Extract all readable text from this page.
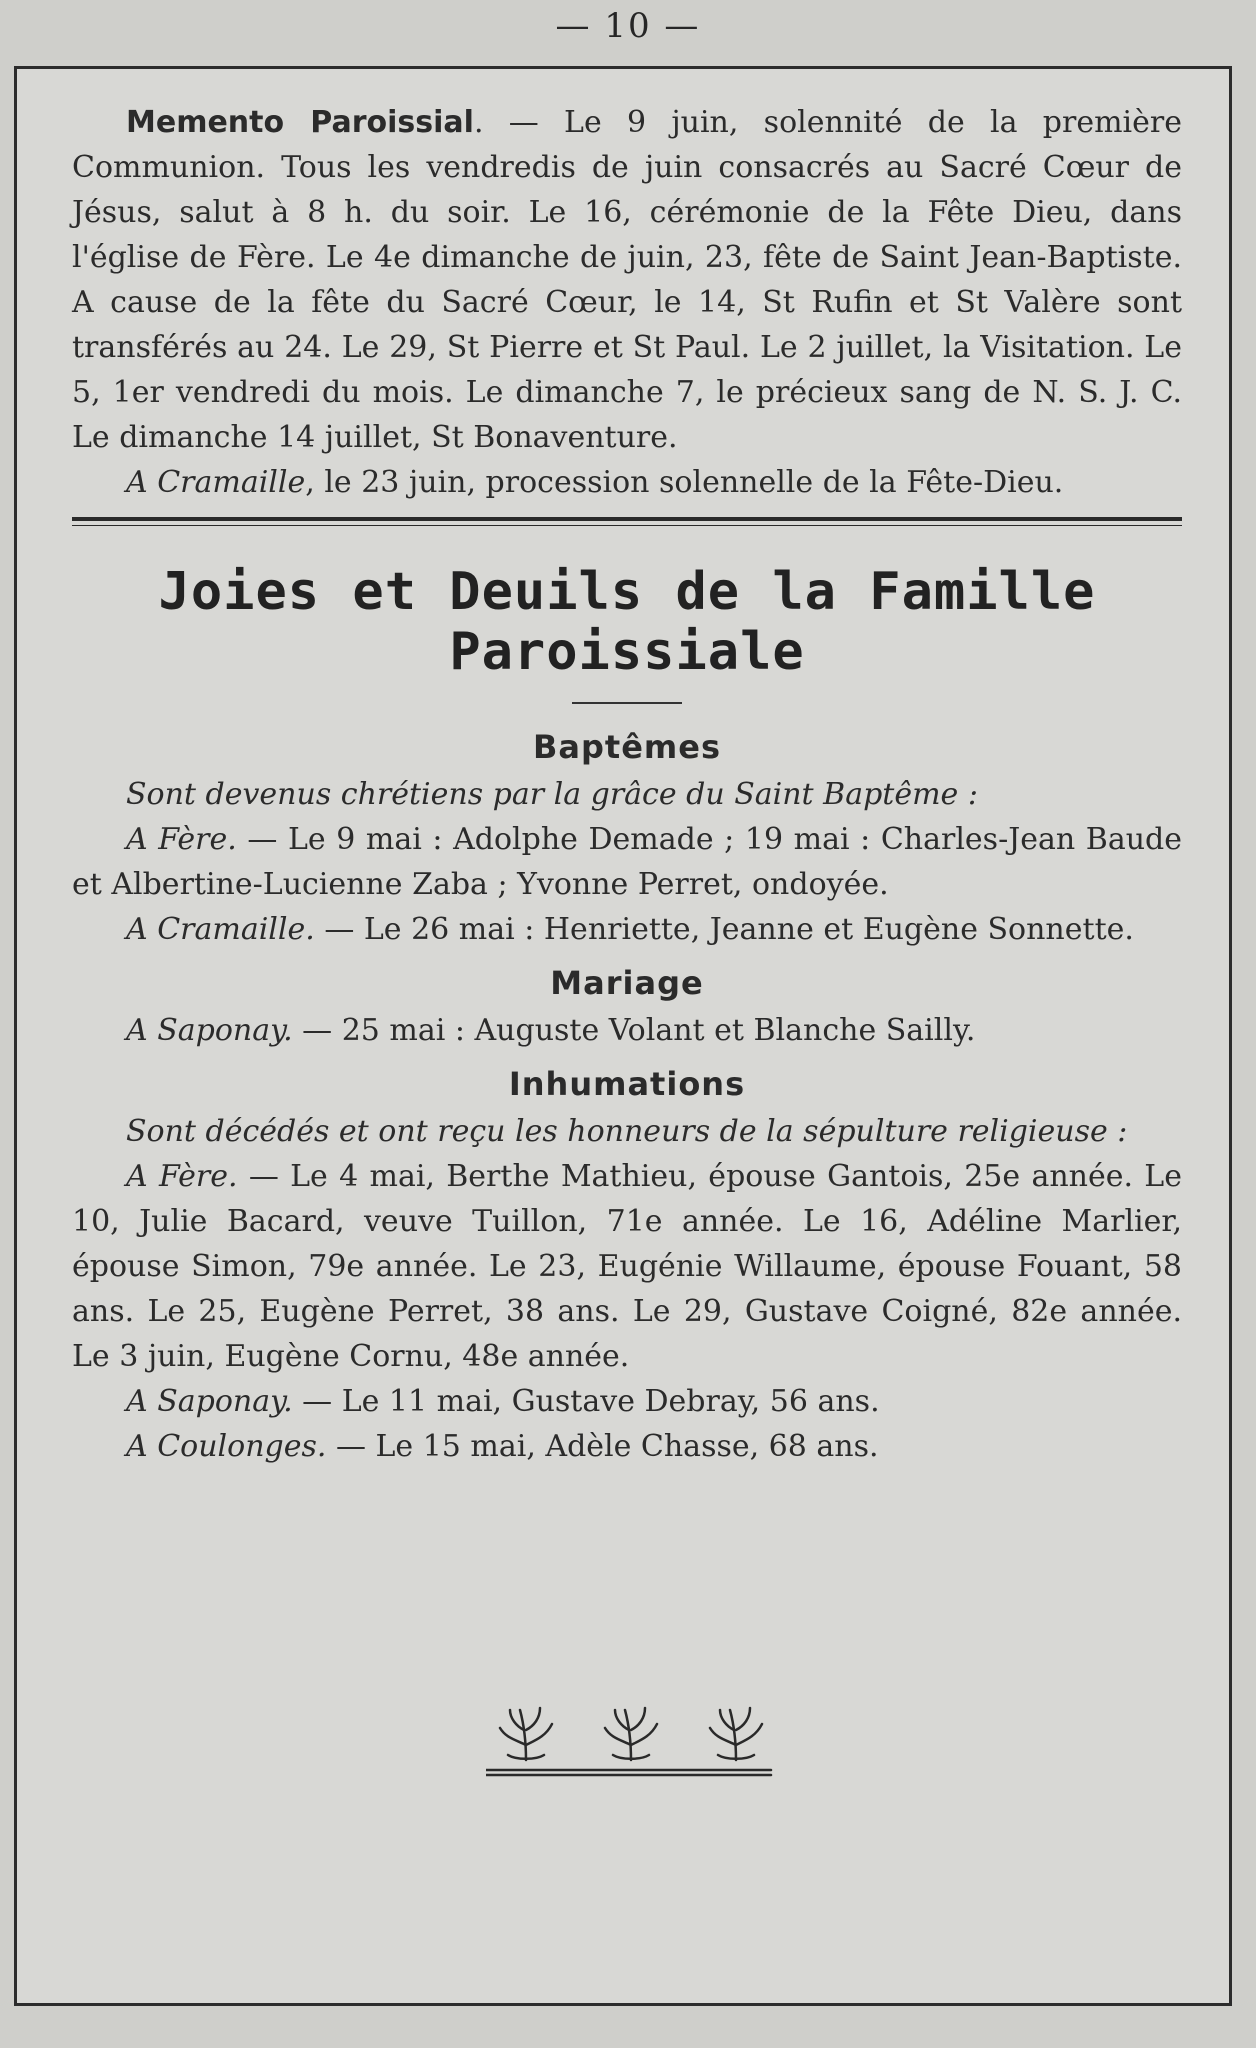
— 10 —

Memento Paroissial. — Le 9 juin, solennité de la première Communion. Tous les vendredis de juin consacrés au Sacré Cœur de Jésus, salut à 8 h. du soir. Le 16, cérémonie de la Fête Dieu, dans l'église de Fère. Le 4e dimanche de juin, 23, fête de Saint Jean-Baptiste. A cause de la fête du Sacré Cœur, le 14, St Rufin et St Valère sont transférés au 24. Le 29, St Pierre et St Paul. Le 2 juillet, la Visitation. Le 5, 1er vendredi du mois. Le dimanche 7, le précieux sang de N. S. J. C. Le dimanche 14 juillet, St Bonaventure.

A Cramaille, le 23 juin, procession solennelle de la Fête-Dieu.

Joies et Deuils de la Famille Paroissiale
Baptêmes

Sont devenus chrétiens par la grâce du Saint Baptême :

A Fère. — Le 9 mai : Adolphe Demade ; 19 mai : Charles-Jean Baude et Albertine-Lucienne Zaba ; Yvonne Perret, ondoyée.

A Cramaille. — Le 26 mai : Henriette, Jeanne et Eugène Sonnette.

Mariage

A Saponay. — 25 mai : Auguste Volant et Blanche Sailly.

Inhumations

Sont décédés et ont reçu les honneurs de la sépulture religieuse :

A Fère. — Le 4 mai, Berthe Mathieu, épouse Gantois, 25e année. Le 10, Julie Bacard, veuve Tuillon, 71e année. Le 16, Adéline Marlier, épouse Simon, 79e année. Le 23, Eugénie Willaume, épouse Fouant, 58 ans. Le 25, Eugène Perret, 38 ans. Le 29, Gustave Coigné, 82e année. Le 3 juin, Eugène Cornu, 48e année.

A Saponay. — Le 11 mai, Gustave Debray, 56 ans.

A Coulonges. — Le 15 mai, Adèle Chasse, 68 ans.
